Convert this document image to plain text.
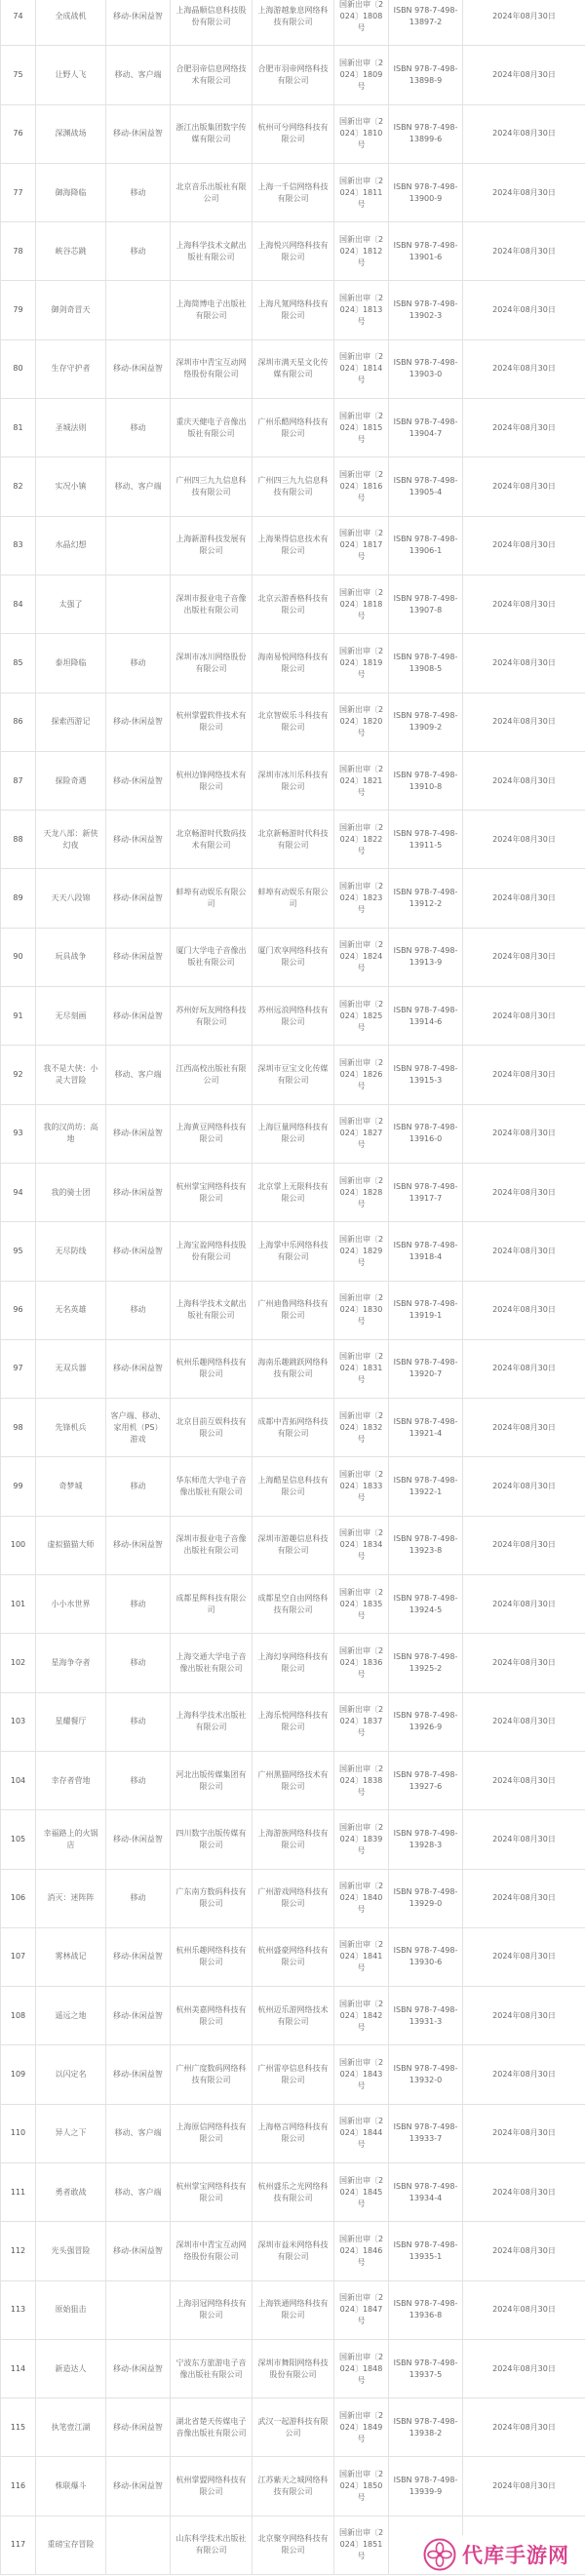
74	全成战机	移动-休闲益智	上海晶顺信息科技股份有限公司	上海游越象息网络科技有限公司	国新出审〔2024〕1808号	ISBN 978-7-498-13897-2	2024年08月30日
75	让野人飞	移动、客户端	合肥羽帝信息网络技术有限公司	合肥市羽帝网络科技有限公司	国新出审〔2024〕1809号	ISBN 978-7-498-13898-9	2024年08月30日
76	深渊战场	移动-休闲益智	浙江出版集团数字传媒有限公司	杭州可兮网络科技有限公司	国新出审〔2024〕1810号	ISBN 978-7-498-13899-6	2024年08月30日
77	御海降临	移动	北京音乐出版社有限公司	上海一千信网络科技有限公司	国新出审〔2024〕1811号	ISBN 978-7-498-13900-9	2024年08月30日
78	峡谷芯跳	移动	上海科学技术文献出版社有限公司	上海悦兴网络科技有限公司	国新出审〔2024〕1812号	ISBN 978-7-498-13901-6	2024年08月30日
79	御剑奇冒天		上海简博电子出版社有限公司	上海凡氪网络科技有限公司	国新出审〔2024〕1813号	ISBN 978-7-498-13902-3	2024年08月30日
80	生存守护者	移动-休闲益智	深圳市中青宝互动网络股份有限公司	深圳市满天星文化传媒有限公司	国新出审〔2024〕1814号	ISBN 978-7-498-13903-0	2024年08月30日
81	圣城法则	移动	重庆天健电子音像出版社有限公司	广州乐酷网络科技有限公司	国新出审〔2024〕1815号	ISBN 978-7-498-13904-7	2024年08月30日
82	实况小镇	移动、客户端	广州四三九九信息科技有限公司	广州四三九九信息科技有限公司	国新出审〔2024〕1816号	ISBN 978-7-498-13905-4	2024年08月30日
83	水晶幻想		上海新游科技发展有限公司	上海果得信息技术有限公司	国新出审〔2024〕1817号	ISBN 978-7-498-13906-1	2024年08月30日
84	太强了		深圳市报业电子音像出版社有限公司	北京云游香格科技有限公司	国新出审〔2024〕1818号	ISBN 978-7-498-13907-8	2024年08月30日
85	泰坦降临	移动	深圳市冰川网络股份有限公司	海南易悦网络科技有限公司	国新出审〔2024〕1819号	ISBN 978-7-498-13908-5	2024年08月30日
86	探索西游记	移动-休闲益智	杭州掌盟软件技术有限公司	北京智娱乐斗科技有限公司	国新出审〔2024〕1820号	ISBN 978-7-498-13909-2	2024年08月30日
87	探险奇遇	移动-休闲益智	杭州边锋网络技术有限公司	深圳市冰川乐科技有限公司	国新出审〔2024〕1821号	ISBN 978-7-498-13910-8	2024年08月30日
88	天龙八部：新侠幻夜	移动-休闲益智	北京畅游时代数码技术有限公司	北京新畅游时代科技有限公司	国新出审〔2024〕1822号	ISBN 978-7-498-13911-5	2024年08月30日
89	天天八段锦	移动-休闲益智	蚌埠有动娱乐有限公司	蚌埠有动娱乐有限公司	国新出审〔2024〕1823号	ISBN 978-7-498-13912-2	2024年08月30日
90	玩具战争	移动-休闲益智	厦门大学电子音像出版社有限公司	厦门欢享网络科技有限公司	国新出审〔2024〕1824号	ISBN 978-7-498-13913-9	2024年08月30日
91	无尽刻画	移动-休闲益智	苏州好玩友网络科技有限公司	苏州远浪网络科技有限公司	国新出审〔2024〕1825号	ISBN 978-7-498-13914-6	2024年08月30日
92	我不是大侠：小灵大冒险	移动、客户端	江西高校出版社有限公司	深圳市豆宝文化传媒有限公司	国新出审〔2024〕1826号	ISBN 978-7-498-13915-3	2024年08月30日
93	我的汉尚坊：高地	移动-休闲益智	上海黄豆网络科技有限公司	上海巨量网络科技有限公司	国新出审〔2024〕1827号	ISBN 978-7-498-13916-0	2024年08月30日
94	我的骑士团	移动-休闲益智	杭州掌宝网络科技有限公司	北京掌上无限科技有限公司	国新出审〔2024〕1828号	ISBN 978-7-498-13917-7	2024年08月30日
95	无尽防线	移动-休闲益智	上海宝盈网络科技股份有限公司	上海掌中乐网络科技有限公司	国新出审〔2024〕1829号	ISBN 978-7-498-13918-4	2024年08月30日
96	无名英雄	移动	上海科学技术文献出版社有限公司	广州迪鲁网络科技有限公司	国新出审〔2024〕1830号	ISBN 978-7-498-13919-1	2024年08月30日
97	无双兵器	移动-休闲益智	杭州乐趣网络科技有限公司	海南乐趣跳跃网络科技有限公司	国新出审〔2024〕1831号	ISBN 978-7-498-13920-7	2024年08月30日
98	先锋机兵	客户端、移动、家用机（PS）游戏	北京目前互娱科技有限公司	成都中青拓网络科技有限公司	国新出审〔2024〕1832号	ISBN 978-7-498-13921-4	2024年08月30日
99	奇梦城	移动	华东师范大学电子音像出版社有限公司	上海酷星信息科技有限公司	国新出审〔2024〕1833号	ISBN 978-7-498-13922-1	2024年08月30日
100	虚拟猫猫大师	移动-休闲益智	深圳市报业电子音像出版社有限公司	深圳市游趣信息科技有限公司	国新出审〔2024〕1834号	ISBN 978-7-498-13923-8	2024年08月30日
101	小小水世界	移动	成都星辉科技有限公司	成都星空自由网络科技有限公司	国新出审〔2024〕1835号	ISBN 978-7-498-13924-5	2024年08月30日
102	星海争夺者	移动	上海交通大学电子音像出版社有限公司	上海幻享网络科技有限公司	国新出审〔2024〕1836号	ISBN 978-7-498-13925-2	2024年08月30日
103	星耀餐厅	移动	上海科学技术出版社有限公司	上海乐悦网络科技有限公司	国新出审〔2024〕1837号	ISBN 978-7-498-13926-9	2024年08月30日
104	幸存者营地	移动	河北出版传媒集团有限公司	广州黑猫网络技术有限公司	国新出审〔2024〕1838号	ISBN 978-7-498-13927-6	2024年08月30日
105	幸福路上的火锅店	移动-休闲益智	四川数字出版传媒有限公司	上海游族网络科技有限公司	国新出审〔2024〕1839号	ISBN 978-7-498-13928-3	2024年08月30日
106	消灭：迷阵阵	移动	广东南方数码科技有限公司	广州游戏网络科技有限公司	国新出审〔2024〕1840号	ISBN 978-7-498-13929-0	2024年08月30日
107	雾林战记	移动-休闲益智	杭州乐趣网络科技有限公司	杭州盛豪网络科技有限公司	国新出审〔2024〕1841号	ISBN 978-7-498-13930-6	2024年08月30日
108	遥远之地	移动-休闲益智	杭州美嘉网络科技有限公司	杭州迈乐游网络技术有限公司	国新出审〔2024〕1842号	ISBN 978-7-498-13931-3	2024年08月30日
109	以闪定名	移动-休闲益智	广州广度数码网络科技有限公司	广州雷亭信息科技有限公司	国新出审〔2024〕1843号	ISBN 978-7-498-13932-0	2024年08月30日
110	异人之下	移动、客户端	上海原信网络科技有限公司	上海格言网络科技有限公司	国新出审〔2024〕1844号	ISBN 978-7-498-13933-7	2024年08月30日
111	勇者敢战	移动、客户端	杭州掌宝网络科技有限公司	杭州盛乐之光网络科技有限公司	国新出审〔2024〕1845号	ISBN 978-7-498-13934-4	2024年08月30日
112	光头强冒险	移动-休闲益智	深圳市中青宝互动网络股份有限公司	深圳市益米网络科技有限公司	国新出审〔2024〕1846号	ISBN 978-7-498-13935-1	2024年08月30日
113	原始狙击		上海羽冠网络科技有限公司	上海铁通网络科技有限公司	国新出审〔2024〕1847号	ISBN 978-7-498-13936-8	2024年08月30日
114	新造达人	移动-休闲益智	宁波东方旅游电子音像出版社有限公司	深圳市舞阳网络科技股份有限公司	国新出审〔2024〕1848号	ISBN 978-7-498-13937-5	2024年08月30日
115	执笔壹江湖	移动-休闲益智	湖北省楚天传媒电子音像出版社有限公司	武汉一起游科技有限公司	国新出审〔2024〕1849号	ISBN 978-7-498-13938-2	2024年08月30日
116	株联爆斗	移动-休闲益智	杭州掌盟网络科技有限公司	江苏紫天之城网络科技有限公司	国新出审〔2024〕1850号	ISBN 978-7-498-13939-9	2024年08月30日
117	重磅宝存冒险		山东科学技术出版社有限公司	北京聚亨网络科技有限公司	国新出审〔2024〕1851号			代库手游网
